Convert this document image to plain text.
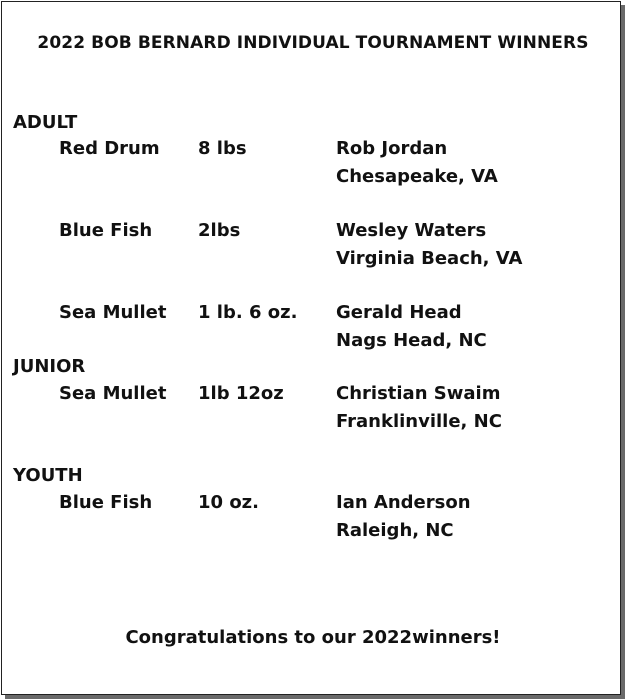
2022 BOB BERNARD INDIVIDUAL TOURNAMENT WINNERS
ADULT
Red Drum 8 lbs	Rob Jordan
Chesapeake, VA
Blue Fish	2lbs	Wesley Waters
Virginia Beach, VA
Sea Mullet 1 lb. 6 oz. Gerald Head
Nags Head, NC
JUNIOR
Sea Mullet 1lb 12oz	Christian Swaim
Franklinville, NC
YOUTH
Blue Fish	10 oz.	Ian Anderson
Raleigh, NC
Congratulations to our 2022winners!
